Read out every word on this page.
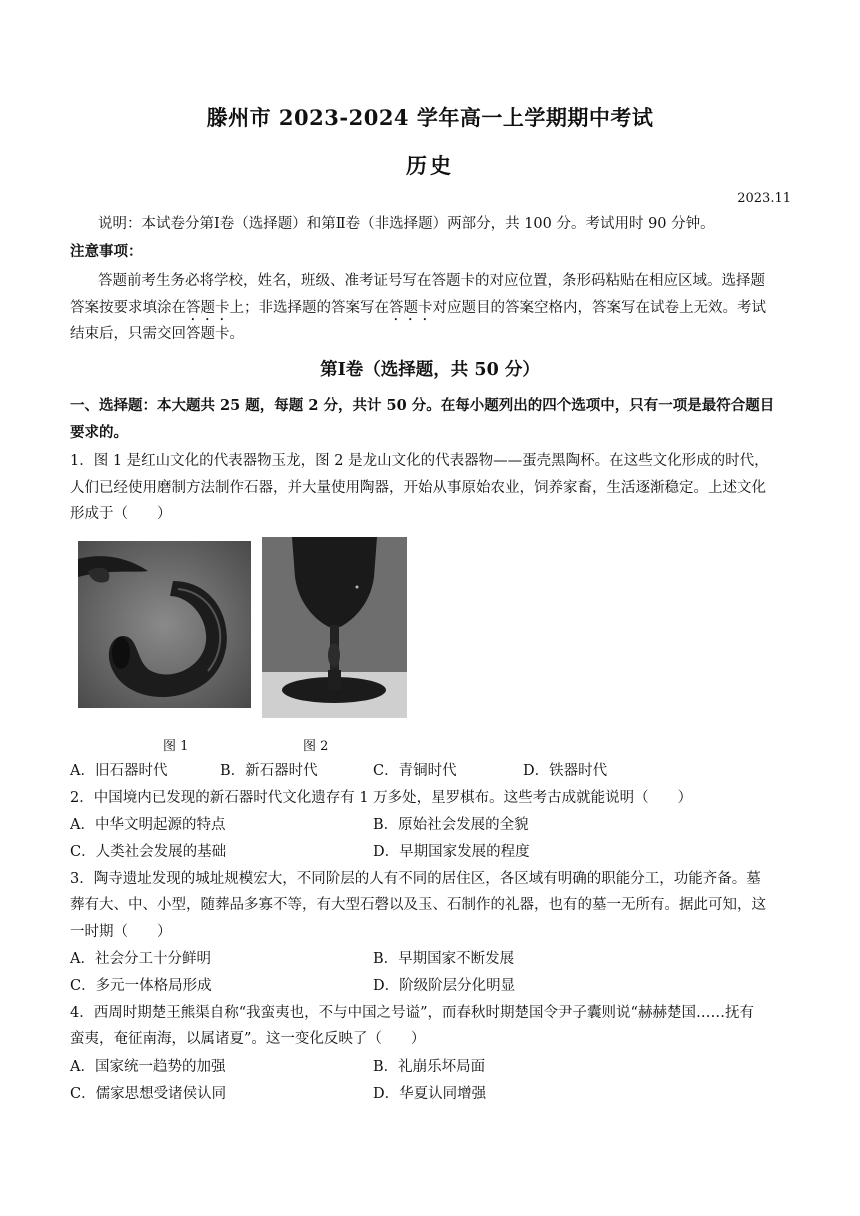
滕州市 2023-2024 学年高一上学期期中考试
历史
2023.11
说明：本试卷分第Ⅰ卷（选择题）和第Ⅱ卷（非选择题）两部分，共 100 分。考试用时 90 分钟。
注意事项：
答题前考生务必将学校，姓名，班级、准考证号写在答题卡的对应位置，条形码粘贴在相应区域。选择题
答案按要求填涂在答题卡上；非选择题的答案写在答题卡对应题目的答案空格内，答案写在试卷上无效。考试
结束后，只需交回答题卡。
第Ⅰ卷（选择题，共 50 分）
一、选择题：本大题共 25 题，每题 2 分，共计 50 分。在每小题列出的四个选项中，只有一项是最符合题目
要求的。
1．图 1 是红山文化的代表器物玉龙，图 2 是龙山文化的代表器物——蛋壳黑陶杯。在这些文化形成的时代，
人们已经使用磨制方法制作石器，并大量使用陶器，开始从事原始农业，饲养家畜，生活逐渐稳定。上述文化
形成于（　　）
图 1	图 2
A．旧石器时代	B．新石器时代	C．青铜时代	D．铁器时代
2．中国境内已发现的新石器时代文化遗存有 1 万多处，星罗棋布。这些考古成就能说明（　　）
A．中华文明起源的特点	B．原始社会发展的全貌
C．人类社会发展的基础	D．早期国家发展的程度
3．陶寺遗址发现的城址规模宏大，不同阶层的人有不同的居住区，各区域有明确的职能分工，功能齐备。墓
葬有大、中、小型，随葬品多寡不等，有大型石磬以及玉、石制作的礼器，也有的墓一无所有。据此可知，这
一时期（　　）
A．社会分工十分鲜明	B．早期国家不断发展
C．多元一体格局形成	D．阶级阶层分化明显
4．西周时期楚王熊渠自称“我蛮夷也，不与中国之号谥”，而春秋时期楚国令尹子囊则说“赫赫楚国……抚有
蛮夷，奄征南海，以属诸夏”。这一变化反映了（　　）
A．国家统一趋势的加强	B．礼崩乐坏局面
C．儒家思想受诸侯认同	D．华夏认同增强
